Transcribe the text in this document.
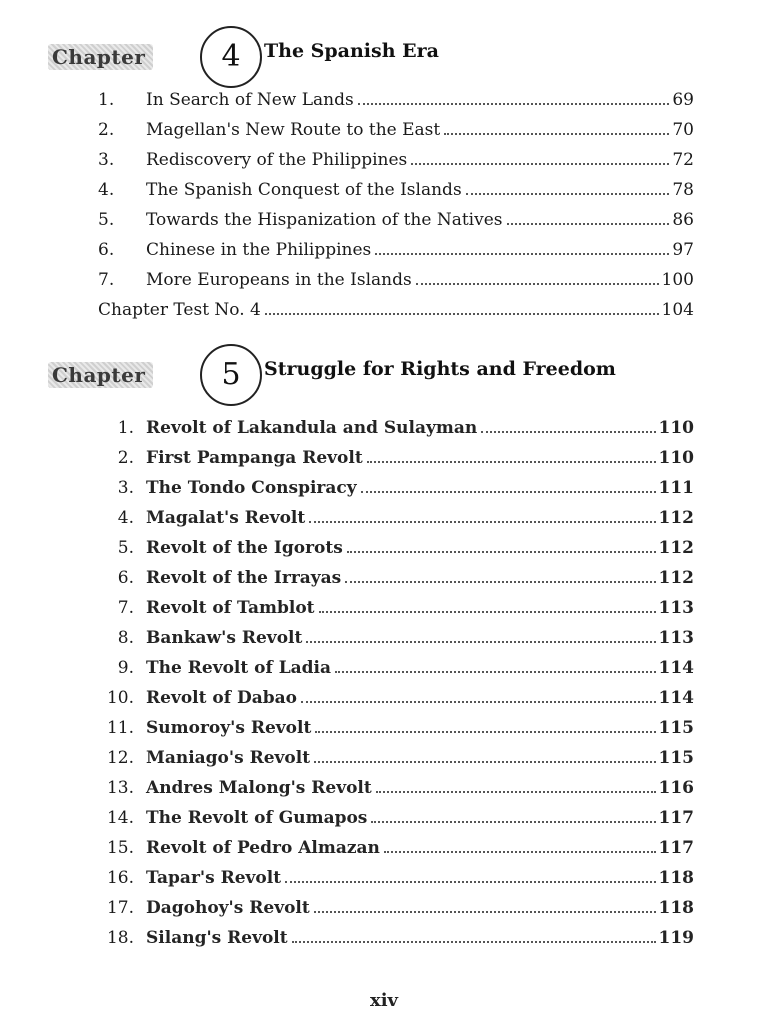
Chapter	4	The Spanish Era
1.	In Search of New Lands	69
2.	Magellan's New Route to the East	70
3.	Rediscovery of the Philippines	72
4.	The Spanish Conquest of the Islands	78
5.	Towards the Hispanization of the Natives	86
6.	Chinese in the Philippines	97
7.	More Europeans in the Islands	100
Chapter Test No. 4	104
Chapter	5	Struggle for Rights and Freedom
1. Revolt of Lakandula and Sulayman	110
2. First Pampanga Revolt	110
3. The Tondo Conspiracy	111
4. Magalat's Revolt	112
5. Revolt of the Igorots	112
6. Revolt of the Irrayas	112
7. Revolt of Tamblot	113
8. Bankaw's Revolt	113
9. The Revolt of Ladia	114
10. Revolt of Dabao	114
11. Sumoroy's Revolt	115
12. Maniago's Revolt	115
13. Andres Malong's Revolt	116
14. The Revolt of Gumapos	117
15. Revolt of Pedro Almazan	117
16. Tapar's Revolt	118
17. Dagohoy's Revolt	118
18. Silang's Revolt	119
xiv
